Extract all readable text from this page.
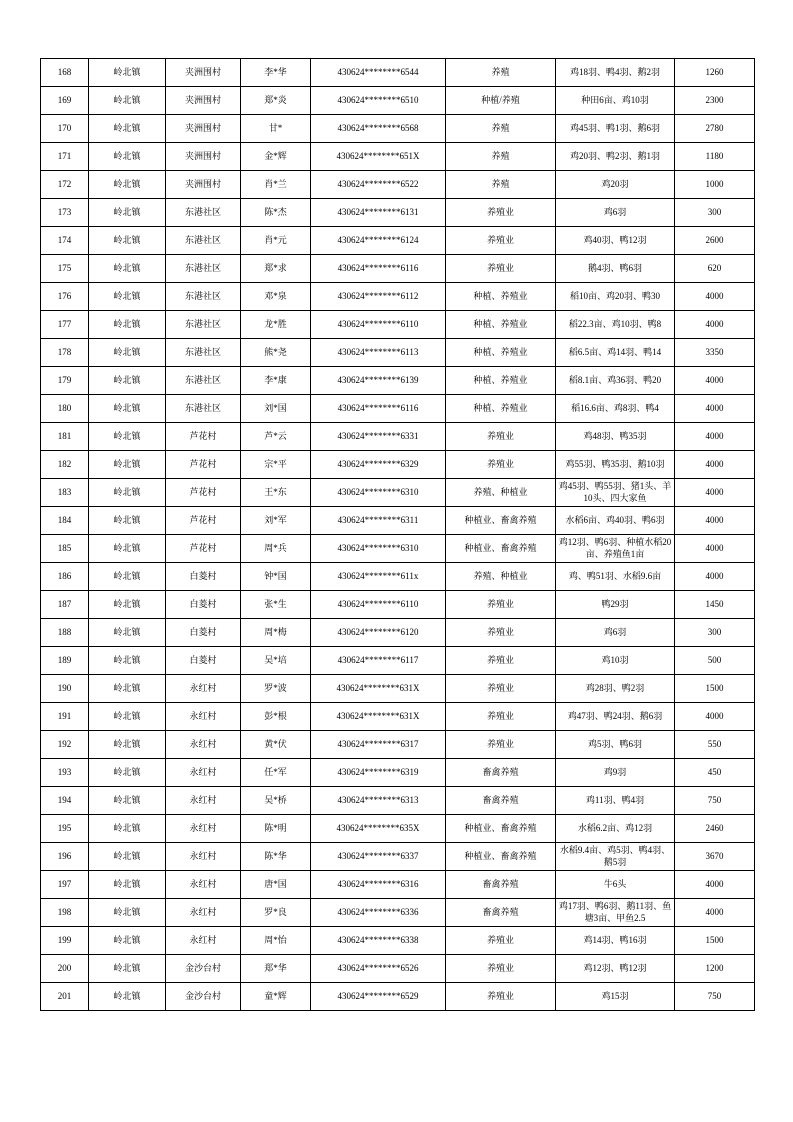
168	岭北镇	夹洲围村	李*华	430624********6544	养殖	鸡18羽、鸭4羽、鹅2羽	1260
169	岭北镇	夹洲围村	郑*炎	430624********6510	种植/养殖	种田6亩、鸡10羽	2300
170	岭北镇	夹洲围村	甘*	430624********6568	养殖	鸡45羽、鸭1羽、鹅6羽	2780
171	岭北镇	夹洲围村	金*辉	430624********651X	养殖	鸡20羽、鸭2羽、鹅1羽	1180
172	岭北镇	夹洲围村	肖*兰	430624********6522	养殖	鸡20羽	1000
173	岭北镇	东港社区	陈*杰	430624********6131	养殖业	鸡6羽	300
174	岭北镇	东港社区	肖*元	430624********6124	养殖业	鸡40羽、鸭12羽	2600
175	岭北镇	东港社区	郑*求	430624********6116	养殖业	鹅4羽、鸭6羽	620
176	岭北镇	东港社区	邓*泉	430624********6112	种植、养殖业	稻10亩、鸡20羽、鸭30	4000
177	岭北镇	东港社区	龙*胜	430624********6110	种植、养殖业	稻22.3亩、鸡10羽、鸭8	4000
178	岭北镇	东港社区	熊*尧	430624********6113	种植、养殖业	稻6.5亩、鸡14羽、鸭14	3350
179	岭北镇	东港社区	李*康	430624********6139	种植、养殖业	稻8.1亩、鸡36羽、鸭20	4000
180	岭北镇	东港社区	刘*国	430624********6116	种植、养殖业	稻16.6亩、鸡8羽、鸭4	4000
181	岭北镇	芦花村	芦*云	430624********6331	养殖业	鸡48羽、鸭35羽	4000
182	岭北镇	芦花村	宗*平	430624********6329	养殖业	鸡55羽、鸭35羽、鹅10羽	4000
183	岭北镇	芦花村	王*东	430624********6310	养殖、种植业	鸡45羽、鸭55羽、猪1头、羊10头、四大家鱼	4000
184	岭北镇	芦花村	刘*军	430624********6311	种植业、畜禽养殖	水稻6亩、鸡40羽、鸭6羽	4000
185	岭北镇	芦花村	周*兵	430624********6310	种植业、畜禽养殖	鸡12羽、鸭6羽、种植水稻20亩、养殖鱼1亩	4000
186	岭北镇	白菱村	钟*国	430624********611x	养殖、种植业	鸡、鸭51羽、水稻9.6亩	4000
187	岭北镇	白菱村	张*生	430624********6110	养殖业	鸭29羽	1450
188	岭北镇	白菱村	周*梅	430624********6120	养殖业	鸡6羽	300
189	岭北镇	白菱村	吴*培	430624********6117	养殖业	鸡10羽	500
190	岭北镇	永红村	罗*波	430624********631X	养殖业	鸡28羽、鸭2羽	1500
191	岭北镇	永红村	彭*根	430624********631X	养殖业	鸡47羽、鸭24羽、鹅6羽	4000
192	岭北镇	永红村	黄*伏	430624********6317	养殖业	鸡5羽、鸭6羽	550
193	岭北镇	永红村	任*军	430624********6319	畜禽养殖	鸡9羽	450
194	岭北镇	永红村	吴*桥	430624********6313	畜禽养殖	鸡11羽、鸭4羽	750
195	岭北镇	永红村	陈*明	430624********635X	种植业、畜禽养殖	水稻6.2亩、鸡12羽	2460
196	岭北镇	永红村	陈*华	430624********6337	种植业、畜禽养殖	水稻9.4亩、鸡5羽、鸭4羽、鹅5羽	3670
197	岭北镇	永红村	唐*国	430624********6316	畜禽养殖	牛6头	4000
198	岭北镇	永红村	罗*良	430624********6336	畜禽养殖	鸡17羽、鸭6羽、鹅11羽、鱼塘3亩、甲鱼2.5	4000
199	岭北镇	永红村	周*怡	430624********6338	养殖业	鸡14羽、鸭16羽	1500
200	岭北镇	金沙台村	郑*华	430624********6526	养殖业	鸡12羽、鸭12羽	1200
201	岭北镇	金沙台村	童*辉	430624********6529	养殖业	鸡15羽	750
